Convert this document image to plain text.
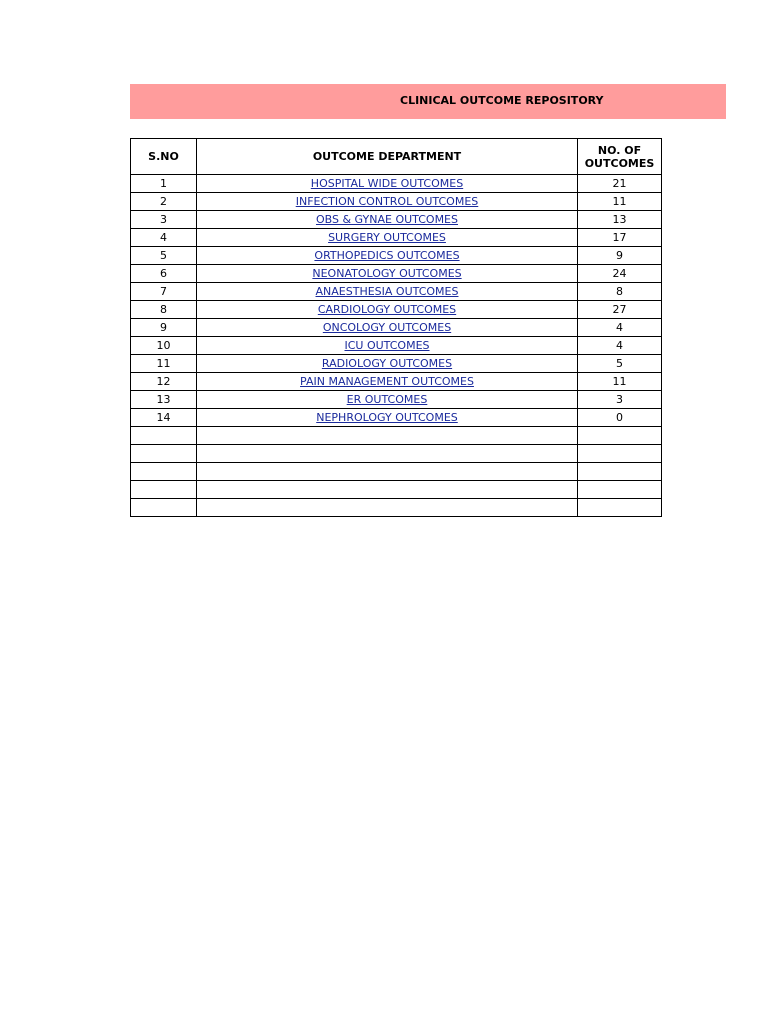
CLINICAL OUTCOME REPOSITORY
S.NO	OUTCOME DEPARTMENT	NO. OF
OUTCOMES

1	HOSPITAL WIDE OUTCOMES	21
2	INFECTION CONTROL OUTCOMES	11
3	OBS & GYNAE OUTCOMES	13
4	SURGERY OUTCOMES	17
5	ORTHOPEDICS OUTCOMES	9
6	NEONATOLOGY OUTCOMES	24
7	ANAESTHESIA OUTCOMES	8
8	CARDIOLOGY OUTCOMES	27
9	ONCOLOGY OUTCOMES	4
10	ICU OUTCOMES	4
11	RADIOLOGY OUTCOMES	5
12	PAIN MANAGEMENT OUTCOMES	11
13	ER OUTCOMES	3
14	NEPHROLOGY OUTCOMES	0
